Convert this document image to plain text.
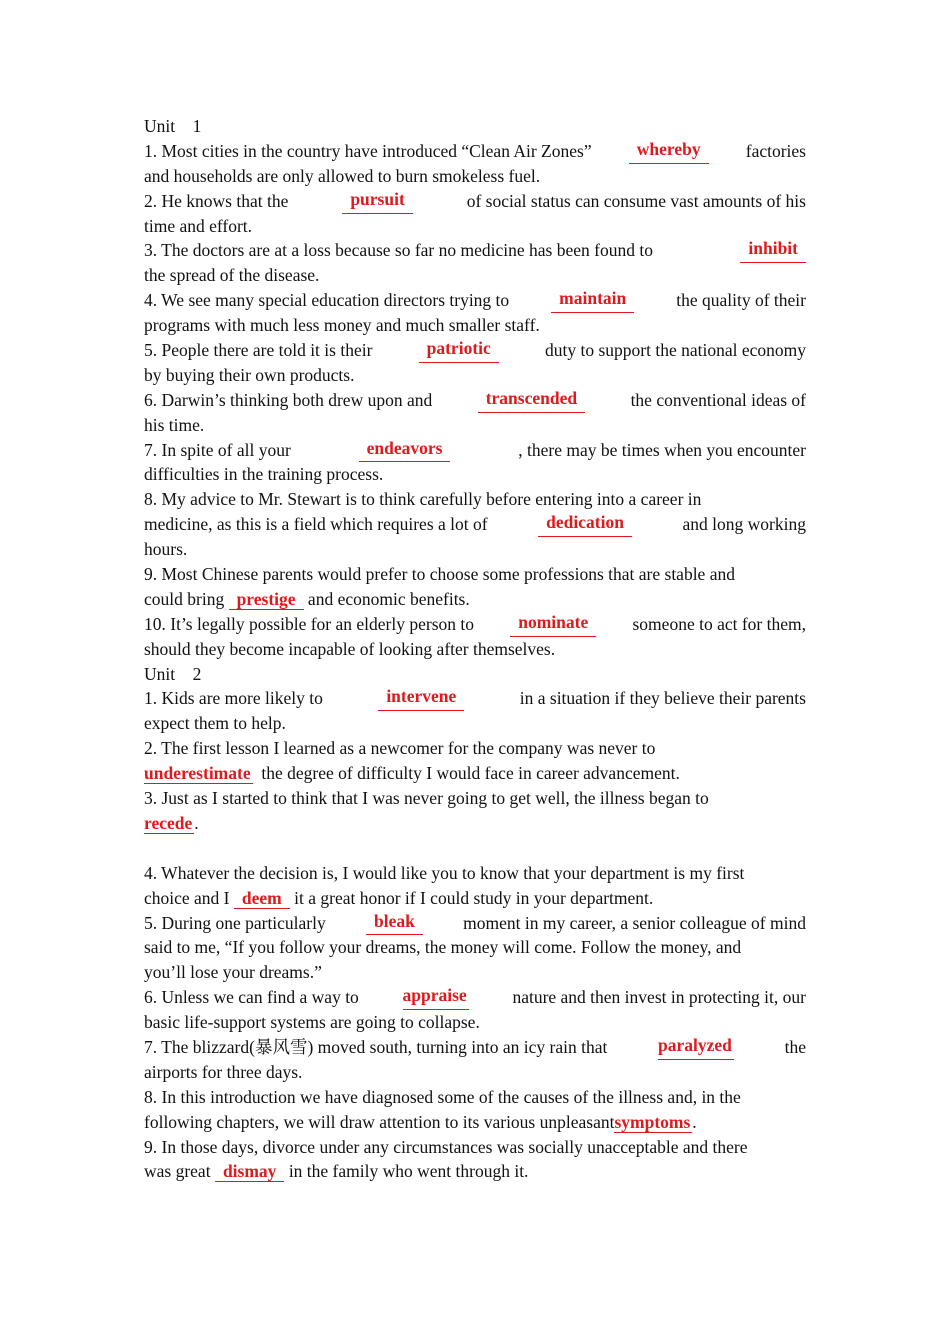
Unit　1
1. Most cities in the country have introduced “Clean Air Zones”	whereby	factories
and households are only allowed to burn smokeless fuel.
2. He knows that the	pursuit	of social status can consume vast amounts of his
time and effort.
3. The doctors are at a loss because so far no medicine has been found to	inhibit
the spread of the disease.
4. We see many special education directors trying to	maintain	the quality of their
programs with much less money and much smaller staff.
5. People there are told it is their	patriotic	duty to support the national economy
by buying their own products.
6. Darwin’s thinking both drew upon and	transcended	the conventional ideas of
his time.
7. In spite of all your	endeavors	, there may be times when you encounter
difficulties in the training process.
8. My advice to Mr. Stewart is to think carefully before entering into a career in
medicine, as this is a field which requires a lot of	dedication	and long working
hours.
9. Most Chinese parents would prefer to choose some professions that are stable and
could bring prestige and economic benefits.
10. It’s legally possible for an elderly person to	nominate	someone to act for them,
should they become incapable of looking after themselves.
Unit　2
1. Kids are more likely to	intervene	in a situation if they believe their parents
expect them to help.
2. The first lesson I learned as a newcomer for the company was never to
underestimate  the degree of difficulty I would face in career advancement.
3. Just as I started to think that I was never going to get well, the illness began to
recede .
4. Whatever the decision is, I would like you to know that your department is my first
choice and I deem it a great honor if I could study in your department.
5. During one particularly	bleak	moment in my career, a senior colleague of mind
said to me, “If you follow your dreams, the money will come. Follow the money, and
you’ll lose your dreams.”
6. Unless we can find a way to appraise	nature and then invest in protecting it, our
basic life-support systems are going to collapse.
7. The blizzard(暴风雪) moved south, turning into an icy rain that	paralyzed	the
airports for three days.
8. In this introduction we have diagnosed some of the causes of the illness and, in the
following chapters, we will draw attention to its various unpleasantsymptoms .
9. In those days, divorce under any circumstances was socially unacceptable and there
was great dismay in the family who went through it.
